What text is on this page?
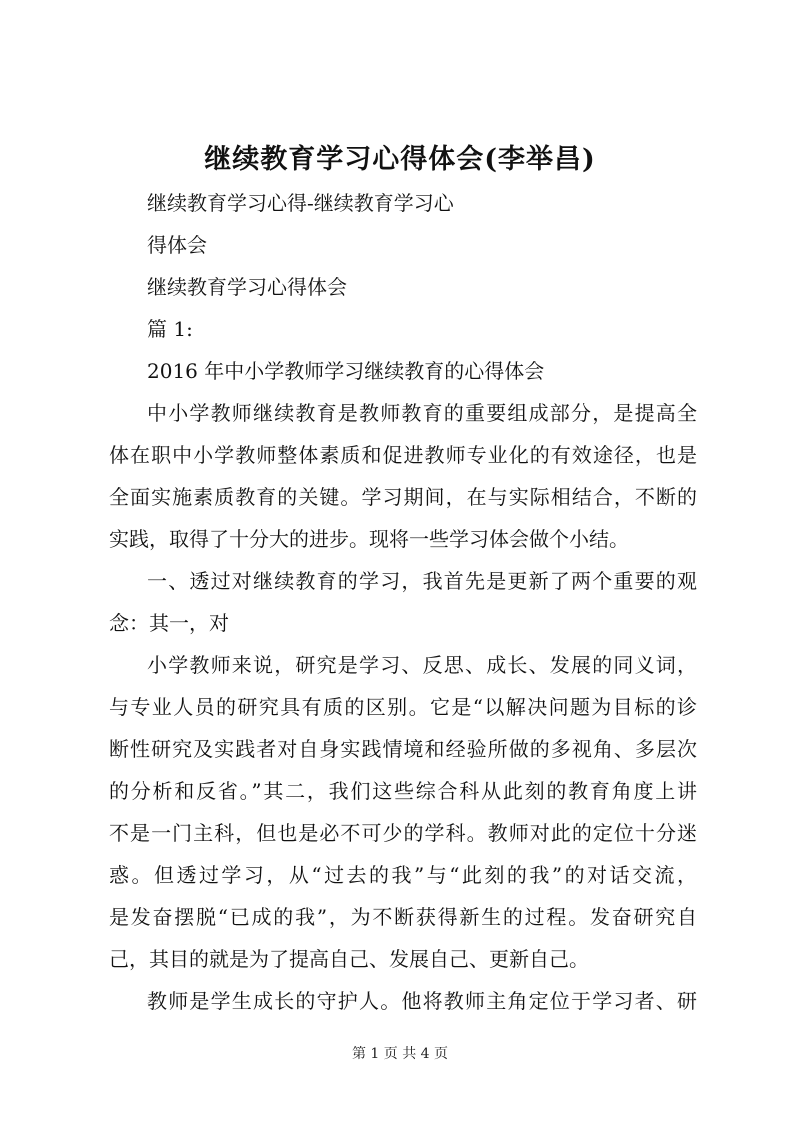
继续教育学习心得体会(李举昌)
继续教育学习心得-继续教育学习心
得体会
继续教育学习心得体会
篇 1:
2016 年中小学教师学习继续教育的心得体会
中小学教师继续教育是教师教育的重要组成部分，是提高全
体在职中小学教师整体素质和促进教师专业化的有效途径，也是
全面实施素质教育的关键。学习期间，在与实际相结合，不断的
实践，取得了十分大的进步。现将一些学习体会做个小结。
一、透过对继续教育的学习，我首先是更新了两个重要的观
念：其一，对
小学教师来说，研究是学习、反思、成长、发展的同义词，
与专业人员的研究具有质的区别。它是“以解决问题为目标的诊
断性研究及实践者对自身实践情境和经验所做的多视角、多层次
的分析和反省。”其二，我们这些综合科从此刻的教育角度上讲
不是一门主科，但也是必不可少的学科。教师对此的定位十分迷
惑。但透过学习，从“过去的我”与“此刻的我”的对话交流，
是发奋摆脱“已成的我”，为不断获得新生的过程。发奋研究自
己，其目的就是为了提高自己、发展自己、更新自己。
教师是学生成长的守护人。他将教师主角定位于学习者、研
第 1 页 共 4 页
